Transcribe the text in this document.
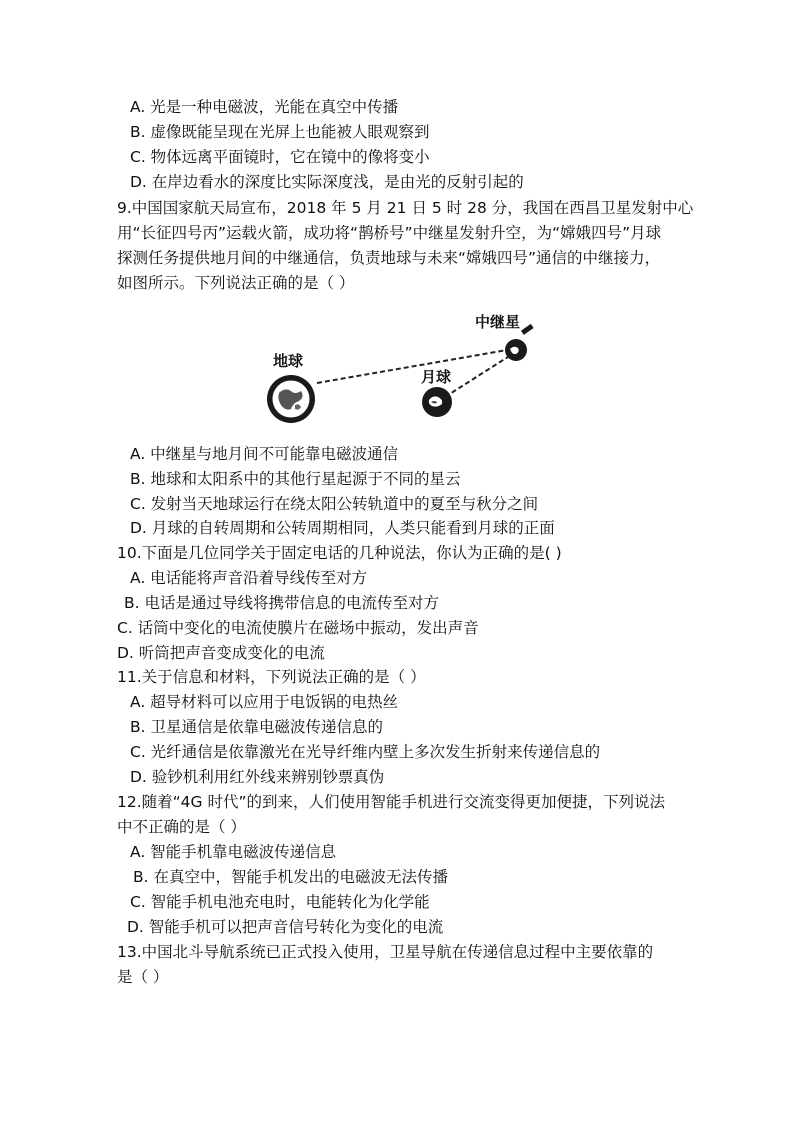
A. 光是一种电磁波，光能在真空中传播
B. 虚像既能呈现在光屏上也能被人眼观察到
C. 物体远离平面镜时，它在镜中的像将变小
D. 在岸边看水的深度比实际深度浅，是由光的反射引起的
9.中国国家航天局宣布，2018 年 5 月 21 日 5 时 28 分，我国在西昌卫星发射中心
用“长征四号丙”运载火箭，成功将“鹊桥号”中继星发射升空，为“嫦娥四号”月球
探测任务提供地月间的中继通信，负责地球与未来“嫦娥四号”通信的中继接力，
如图所示。下列说法正确的是（ ）
地球
月球
中继星
A. 中继星与地月间不可能靠电磁波通信
B. 地球和太阳系中的其他行星起源于不同的星云
C. 发射当天地球运行在绕太阳公转轨道中的夏至与秋分之间
D. 月球的自转周期和公转周期相同，人类只能看到月球的正面
10.下面是几位同学关于固定电话的几种说法，你认为正确的是( )
A. 电话能将声音沿着导线传至对方
B. 电话是通过导线将携带信息的电流传至对方
C. 话筒中变化的电流使膜片在磁场中振动，发出声音
D. 听筒把声音变成变化的电流
11.关于信息和材料，下列说法正确的是（ ）
A. 超导材料可以应用于电饭锅的电热丝
B. 卫星通信是依靠电磁波传递信息的
C. 光纤通信是依靠激光在光导纤维内壁上多次发生折射来传递信息的
D. 验钞机利用红外线来辨别钞票真伪
12.随着“4G 时代”的到来，人们使用智能手机进行交流变得更加便捷，下列说法
中不正确的是（ ）
A. 智能手机靠电磁波传递信息
B. 在真空中，智能手机发出的电磁波无法传播
C. 智能手机电池充电时，电能转化为化学能
D. 智能手机可以把声音信号转化为变化的电流
13.中国北斗导航系统已正式投入使用，卫星导航在传递信息过程中主要依靠的
是（ ）
